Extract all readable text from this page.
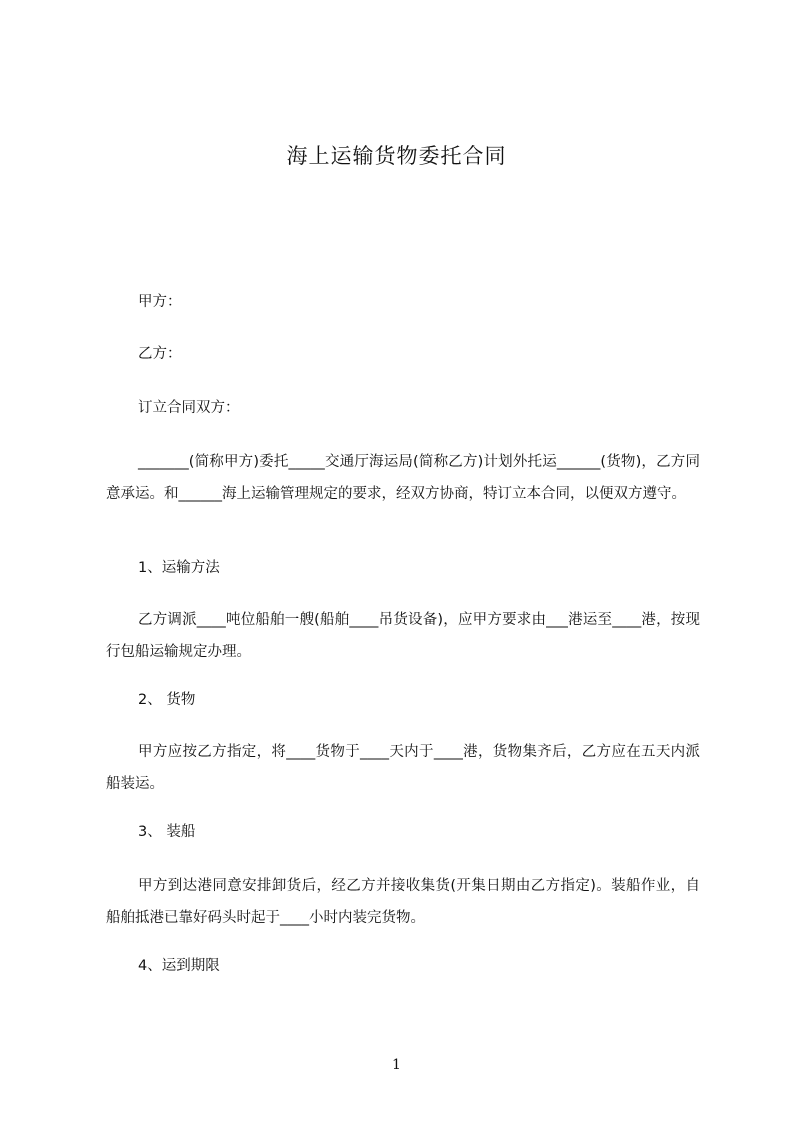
海上运输货物委托合同
甲方：
乙方：
订立合同双方：
_______(简称甲方)委托_____交通厅海运局(简称乙方)计划外托运______(货物)，乙方同意承运。和______海上运输管理规定的要求，经双方协商，特订立本合同，以便双方遵守。
1、运输方法
乙方调派____吨位船舶一艘(船舶____吊货设备)，应甲方要求由___港运至____港，按现行包船运输规定办理。
2、 货物
甲方应按乙方指定，将____货物于____天内于____港，货物集齐后，乙方应在五天内派船装运。
3、 装船
甲方到达港同意安排卸货后，经乙方并接收集货(开集日期由乙方指定)。装船作业，自船舶抵港已靠好码头时起于____小时内装完货物。
4、运到期限
1
